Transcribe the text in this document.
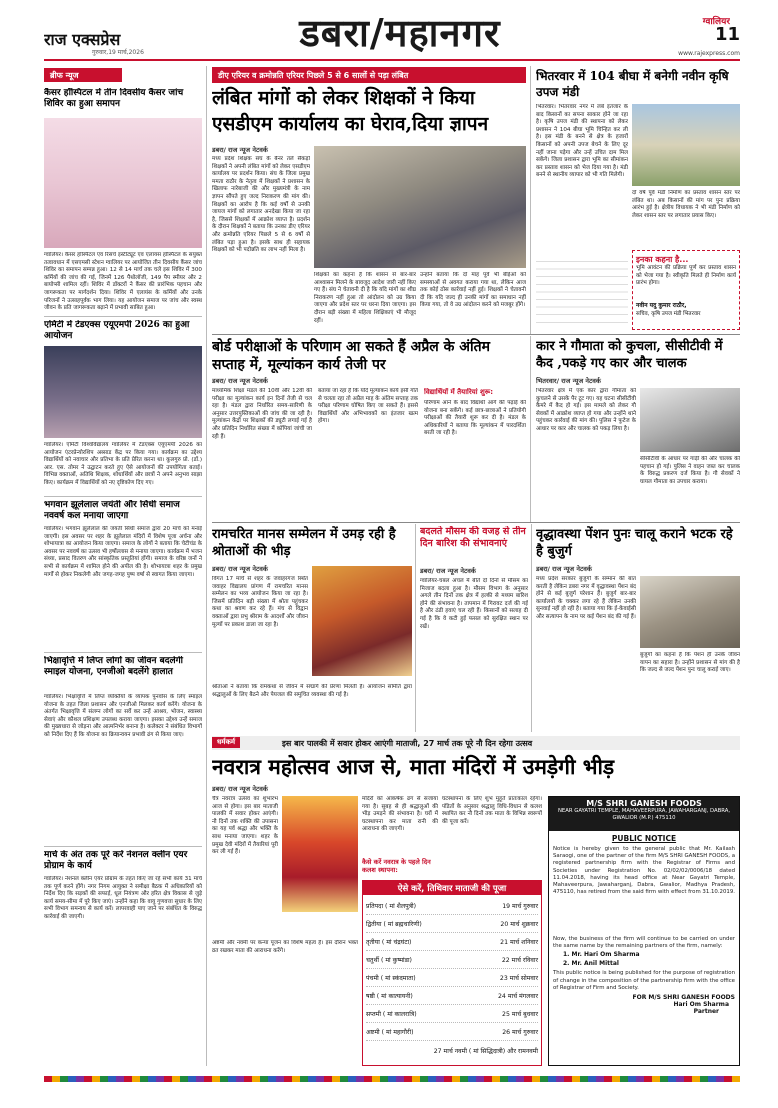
राज एक्सप्रेस
गुरुवार,19 मार्च,2026	डबरा/महानगर	ग्वालियर
11
www.rajexpress.com
ब्रीफ न्यूज
कैंसर हॉस्पिटल में तीन दिवसीय कैंसर जांच शिविर का हुआ समापन
ग्वालियर। कैंसर हॉस्पिटल एवं रिसर्च इंस्टीट्यूट एवं एलायंस हॉस्पिटल के संयुक्त तत्वावधान में एसएमसी स्टेशन ग्वालियर पर आयोजित तीन दिवसीय कैंसर जांच शिविर का समापन सम्पन्न हुआ। 12 से 14 मार्च तक चले इस शिविर में 300 कर्मियों की जांच की गई, जिनमें 126 पैथोलॉजी, 149 पैप स्मीयर और 2 बायोप्सी शामिल रहीं। शिविर में डॉक्टरों ने कैंसर की प्रारंभिक पहचान और जागरूकता पर मार्गदर्शन दिया। शिविर में एलायंस के कर्मियों और उनके परिजनों ने उत्साहपूर्वक भाग लिया। यह आयोजन समाज पर जांच और स्वस्थ जीवन के प्रति जागरूकता बढ़ाने में प्रभावी साबित हुआ।
एमिटी में टेडएक्स एयूएमपी 2026 का हुआ आयोजन
ग्वालियर। एमिटी विश्वविद्यालय ग्वालियर में टेडएक्स एयूएमपी 2026 का आयोजन एंटरप्रेन्योरशिप अब्साड केंद्र पर किया गया। कार्यक्रम का उद्देश्य विद्यार्थियों को नवाचार और प्रतिभा के प्रति प्रेरित करना था। कुलगुरु प्रो. (डॉ.) आर. एस. तोमर ने उद्घाटन करते हुए ऐसे आयोजनों की उपयोगिता बताई। विभिन्न वक्ताओं, अतिथि शिक्षक, शोधार्थियों और छात्रों ने अपने अनुभव साझा किए। कार्यक्रम में विद्यार्थियों को नए दृष्टिकोण दिए गए।
भगवान झूलेलाल जयंती और सिंधी समाज नववर्ष कल मनाया जाएगा
ग्वालियर। भगवान झूलेलाल की जयंती सिंधी समाज द्वारा 20 मार्च को मनाई जाएगी। इस अवसर पर शहर के झूलेलाल मंदिरों में विशेष पूजा अर्चना और शोभायात्रा का आयोजन किया जाएगा। समाज के लोगों ने बताया कि चेटीचंड के अवसर पर नववर्ष का उत्सव भी हर्षोल्लास से मनाया जाएगा। कार्यक्रम में भजन संध्या, प्रसाद वितरण और सांस्कृतिक प्रस्तुतियां होंगी। समाज के वरिष्ठ जनों ने सभी से कार्यक्रम में शामिल होने की अपील की है। शोभायात्रा शहर के प्रमुख मार्गों से होकर निकलेगी और जगह-जगह पुष्प वर्षा से स्वागत किया जाएगा।
भिक्षावृत्ति में लिप्त लोगों का जीवन बदलेगी स्माइल योजना, एनजीओ बदलेंगे हालात
ग्वालियर। भिक्षावृत्ति में लिप्त व्यक्तियों के व्यापक पुनर्वास के लिए स्माइल योजना के तहत जिला प्रशासन और एनजीओ मिलकर कार्य करेंगे। योजना के अंतर्गत भिक्षावृत्ति में संलग्न लोगों का सर्वे कर उन्हें आश्रय, भोजन, स्वास्थ्य सेवाएं और कौशल प्रशिक्षण उपलब्ध कराया जाएगा। इसका उद्देश्य उन्हें समाज की मुख्यधारा से जोड़ना और आत्मनिर्भर बनाना है। कलेक्टर ने संबंधित विभागों को निर्देश दिए हैं कि योजना का क्रियान्वयन प्रभावी ढंग से किया जाए।
मार्च के अंत तक पूरे करें नेशनल क्लीन एयर प्रोग्राम के कार्य
ग्वालियर। नेशनल क्लीन एयर प्रोग्राम के तहत किए जा रहे सभी कार्य 31 मार्च तक पूर्ण करने होंगे। नगर निगम आयुक्त ने समीक्षा बैठक में अधिकारियों को निर्देश दिए कि सड़कों की सफाई, धूल नियंत्रण और हरित क्षेत्र विकास से जुड़े कार्य समय-सीमा में पूरे किए जाएं। उन्होंने कहा कि वायु गुणवत्ता सुधार के लिए सभी विभाग समन्वय से कार्य करें। लापरवाही पाए जाने पर संबंधित के विरुद्ध कार्रवाई की जाएगी।
डीए एरियर व क्रमोन्नति एरियर पिछले 5 से 6 सालों से पड़ा लंबित
लंबित मांगों को लेकर शिक्षकों ने किया
एसडीएम कार्यालय का घेराव,दिया ज्ञापन
डबरा/ राज न्यूज नेटवर्क
मध्य प्रदेश शिक्षक संघ के बैनर तले सैकड़ों शिक्षकों ने अपनी लंबित मांगों को लेकर एसडीएम कार्यालय पर प्रदर्शन किया। संघ के जिला प्रमुख ममता राठौर के नेतृत्व में शिक्षकों ने प्रशासन के खिलाफ नारेबाजी की और मुख्यमंत्री के नाम ज्ञापन सौंपते हुए जल्द निराकरण की मांग की। शिक्षकों का आरोप है कि कई वर्षों से उनकी जायज मांगों को लगातार अनदेखा किया जा रहा है, जिससे शिक्षकों में आक्रोश व्याप्त है। प्रदर्शन के दौरान शिक्षकों ने बताया कि उनका डीए एरियर और क्रमोन्नति एरियर पिछले 5 से 6 वर्षों से लंबित पड़ा हुआ है। इसके साथ ही सहायक शिक्षकों को भी पदोन्नति का लाभ नहीं मिला है।
शिक्षकों का कहना है कि शासन से बार-बार आश्वासन मिलने के बावजूद आदेश जारी नहीं किए गए हैं। संघ ने चेतावनी दी है कि यदि मांगों का शीघ्र निराकरण नहीं हुआ तो आंदोलन को उग्र किया जाएगा और प्रदेश स्तर पर धरना दिया जाएगा। इस दौरान बड़ी संख्या में महिला शिक्षिकाएं भी मौजूद रहीं।
उन्होंने बताया कि दो माह पूर्व भी बीईओ को समस्याओं से अवगत कराया गया था, लेकिन आज तक कोई ठोस कार्रवाई नहीं हुई। शिक्षकों ने चेतावनी दी कि यदि जल्द ही उनकी मांगों का समाधान नहीं किया गया, तो वे उग्र आंदोलन करने को मजबूर होंगे।
भितरवार में 104 बीघा में बनेगी नवीन कृषि उपज मंडी
भितरवार। भितरवार नगर में लंबे इंतजार के बाद किसानों का सपना साकार होने जा रहा है। कृषि उपज मंडी की स्थापना को लेकर प्रशासन ने 104 बीघा भूमि चिन्हित कर ली है। इस मंडी के बनने से क्षेत्र के हजारों किसानों को अपनी उपज बेचने के लिए दूर नहीं जाना पड़ेगा और उन्हें उचित दाम मिल सकेंगे। जिला प्रशासन द्वारा भूमि का सीमांकन कर प्रस्ताव शासन को भेज दिया गया है। मंडी बनने से स्थानीय व्यापार को भी गति मिलेगी।
दो वर्ष पूर्व मंडी निर्माण का प्रस्ताव शासन स्तर पर लंबित था। अब किसानों की मांग पर पुनः प्रक्रिया आरंभ हुई है। क्षेत्रीय विधायक ने भी मंडी निर्माण को लेकर शासन स्तर पर लगातार प्रयास किए।
इनका कहना है...
भूमि आवंटन की प्रक्रिया पूर्ण कर प्रस्ताव शासन को भेजा गया है। स्वीकृति मिलते ही निर्माण कार्य प्रारंभ होगा।
नवीन यदु कुमार राठौर,
सचिव, कृषि उपज मंडी भितरवार
बोर्ड परीक्षाओं के परिणाम आ सकते हैं अप्रैल के अंतिम सप्ताह में, मूल्यांकन कार्य तेजी पर
डबरा/ राज न्यूज नेटवर्क
माध्यमिक शिक्षा मंडल की 10वीं और 12वीं की परीक्षा का मूल्यांकन कार्य इन दिनों तेजी से चल रहा है। मंडल द्वारा निर्धारित समय-सारिणी के अनुसार उत्तरपुस्तिकाओं की जांच की जा रही है। मूल्यांकन केंद्रों पर शिक्षकों की ड्यूटी लगाई गई है और प्रतिदिन निर्धारित संख्या में कॉपियां जांची जा रही हैं।
बताया जा रहा है कि यदि मूल्यांकन कार्य इसी गति से चलता रहा तो अप्रैल माह के अंतिम सप्ताह तक परीक्षा परिणाम घोषित किए जा सकते हैं। इससे विद्यार्थियों और अभिभावकों का इंतजार खत्म होगा।
विद्यार्थियों में तैयारियां शुरू:
परिणाम आने के बाद विद्यार्थी आगे की पढ़ाई की योजना बना सकेंगे। कई छात्र-छात्राओं ने प्रतियोगी परीक्षाओं की तैयारी शुरू कर दी है। मंडल के अधिकारियों ने बताया कि मूल्यांकन में पारदर्शिता बरती जा रही है।
कार ने गौमाता को कुचला, सीसीटीवी में कैद ,पकड़े गए कार और चालक
भितरवार/ राज न्यूज नेटवर्क
भितरवार क्षेत्र में एक कार द्वारा गौमाता को कुचलने से उसके पैर टूट गए। यह घटना सीसीटीवी कैमरे में कैद हो गई। इस मामले को लेकर गौ सेवकों में आक्रोश व्याप्त हो गया और उन्होंने थाने पहुंचकर कार्रवाई की मांग की। पुलिस ने फुटेज के आधार पर कार और चालक को पकड़ लिया है।
सीसीटीवी के आधार पर गाड़ी की और चालक की पहचान हो गई। पुलिस ने वाहन जब्त कर चालक के विरुद्ध प्रकरण दर्ज किया है। गौ सेवकों ने घायल गौमाता का उपचार कराया।
रामचरित मानस सम्मेलन में उमड़ रही है श्रोताओं की भीड़
डबरा/ राज न्यूज नेटवर्क
विगत 17 मार्च से शहर के जवाहरगंज स्थित जवाहर विद्यालय प्रांगण में रामचरित मानस सम्मेलन का भव्य आयोजन किया जा रहा है। जिसमें प्रतिदिन बड़ी संख्या में श्रोता पहुंचकर कथा का श्रवण कर रहे हैं। मंच से विद्वान वक्ताओं द्वारा प्रभु श्रीराम के आदर्शों और जीवन मूल्यों पर प्रकाश डाला जा रहा है।
श्रोताओं ने बताया कि रामकथा से जीवन में सद्मार्ग की प्रेरणा मिलती है। आयोजन समिति द्वारा श्रद्धालुओं के लिए बैठने और पेयजल की समुचित व्यवस्था की गई है।
बदलते मौसम की वजह से तीन दिन बारिश की संभावनाएं
डबरा/ राज न्यूज नेटवर्क
ग्वालियर-चंबल अंचल में बीते दो दिनों से मौसम का मिजाज बदला हुआ है। मौसम विभाग के अनुसार अगले तीन दिनों तक क्षेत्र में हल्की से मध्यम बारिश होने की संभावना है। तापमान में गिरावट दर्ज की गई है और ठंडी हवाएं चल रही हैं। किसानों को सलाह दी गई है कि वे कटी हुई फसल को सुरक्षित स्थान पर रखें।
वृद्धावस्था पेंशन पुनः चालू कराने भटक रहे है बुजुर्ग
डबरा/ राज न्यूज नेटवर्क
मध्य प्रदेश सरकार बुजुर्गों के सम्मान की बात करती है लेकिन डबरा नगर में वृद्धावस्था पेंशन बंद होने से कई बुजुर्ग परेशान हैं। बुजुर्ग बार-बार कार्यालयों के चक्कर लगा रहे हैं लेकिन उनकी सुनवाई नहीं हो रही है। बताया गया कि ई-केवाईसी और सत्यापन के नाम पर कई पेंशन बंद की गई हैं।
बुजुर्गों का कहना है कि पेंशन ही उनके जीवन यापन का सहारा है। उन्होंने प्रशासन से मांग की है कि जल्द से जल्द पेंशन पुनः चालू कराई जाए।
धर्मकर्म	इस बार पालकी में सवार होकर आएंगी माताजी, 27 मार्च तक पूरे नौ दिन रहेगा उत्सव
नवरात्र महोत्सव आज से, माता मंदिरों में उमड़ेगी भीड़
डबरा/ राज न्यूज नेटवर्क
चैत्र नवरात्र उत्सव का शुभारंभ आज से होगा। इस बार माताजी पालकी में सवार होकर आएंगी। नौ दिनों तक शक्ति की उपासना का यह पर्व श्रद्धा और भक्ति के साथ मनाया जाएगा। शहर के प्रमुख देवी मंदिरों में तैयारियां पूरी कर ली गई हैं।
मंदिरों को आकर्षक ढंग से सजाया गया है। सुबह से ही श्रद्धालुओं की भीड़ उमड़ने की संभावना है। घरों में घटस्थापना कर माता रानी की आराधना की जाएगी।
कैसे करें नवरात्र के पहले दिन कलश स्थापना:
घटस्थापना के लिए शुभ मुहूर्त प्रातःकाल रहेगा। पंडितों के अनुसार श्रद्धालु विधि-विधान से कलश स्थापित कर नौ दिनों तक माता के विभिन्न स्वरूपों की पूजा करें।
अष्टमी और नवमी पर कन्या पूजन का विशेष महत्व है। इस दौरान भक्त व्रत रखकर माता की आराधना करेंगे।
ऐसे करें, तिथिवार माताजी की पूजा
प्रतिपदा ( मां शैलपुत्री)	19 मार्च गुरुवार
द्वितीया ( मां ब्रह्मचारिणी)	20 मार्च शुक्रवार
तृतीया ( मां चंद्रघंटा)	21 मार्च शनिवार
चतुर्थी ( मां कुष्मांडा)	22 मार्च रविवार
पंचमी ( मां स्कंदमाता)	23 मार्च सोमवार
षष्ठी ( मां कात्यायनी)	24 मार्च मंगलवार
सप्तमी ( मां कालरात्रि)	25 मार्च बुधवार
अष्टमी ( मां महागौरी)	26 मार्च गुरुवार
27 मार्च नवमी ( मां सिद्धिदात्री) और रामनवमी
M/S SHRI GANESH FOODS
NEAR GAYATRI TEMPLE, MAHAVEERPURA, JAWAHARGANJ, DABRA, GWALIOR (M.P.) 475110
PUBLIC NOTICE
Notice is hereby given to the general public that Mr. Kailash Saraogi, one of the partner of the firm M/S SHRI GANESH FOODS, a registered partnership firm with the Registrar of Firms and Societies under Registration No. 02/02/02/0006/18 dated 11.04.2018, having its head office at Near Gayatri Temple, Mahaveerpura, Jawaharganj, Dabra, Gwalior, Madhya Pradesh, 475110, has retired from the said firm with effect from 31.10.2019.
Now, the business of the firm will continue to be carried on under the same name by the remaining partners of the firm, namely:
1. Mr. Hari Om Sharma
2. Mr. Anil Mittal
This public notice is being published for the purpose of registration of change in the composition of the partnership firm with the office of Registrar of Firm and Society.
FOR M/S SHRI GANESH FOODS
Hari Om Sharma
Partner
